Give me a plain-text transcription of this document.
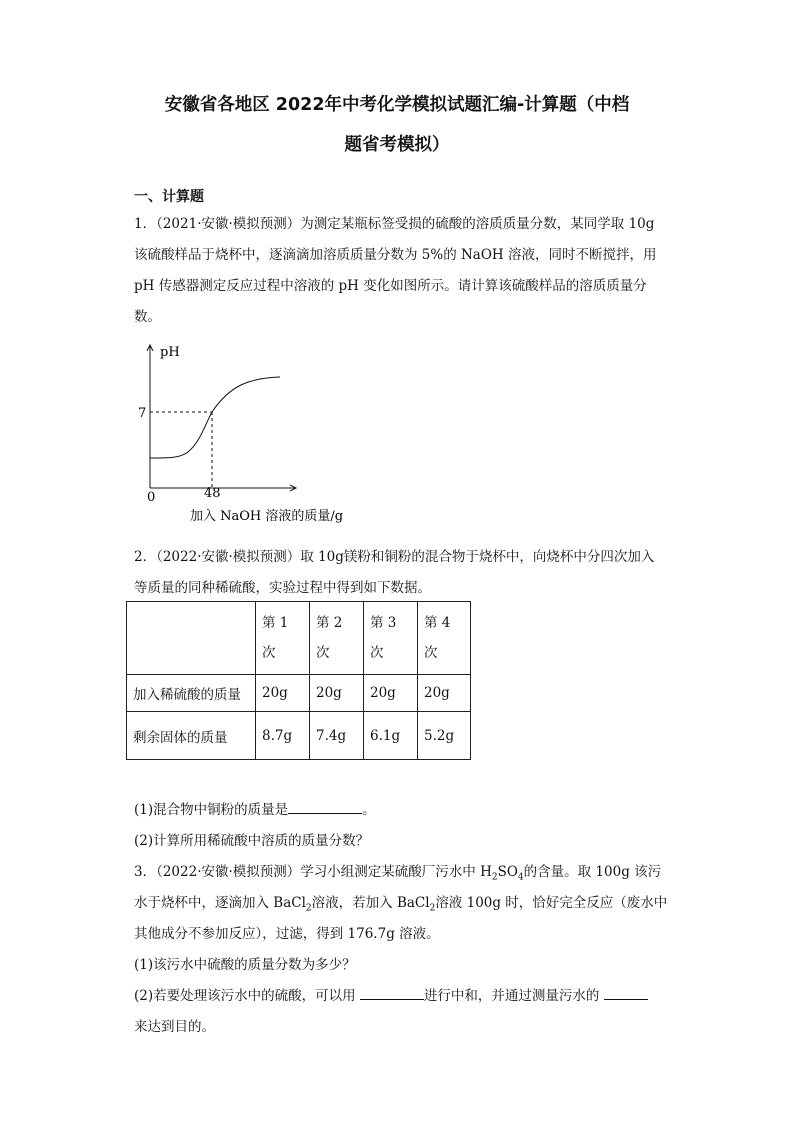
安徽省各地区 2022年中考化学模拟试题汇编-计算题（中档
题省考模拟）
一、计算题
1．（2021·安徽·模拟预测）为测定某瓶标签受损的硫酸的溶质质量分数，某同学取 10g
该硫酸样品于烧杯中，逐滴滴加溶质质量分数为 5%的 NaOH 溶液，同时不断搅拌，用
pH 传感器测定反应过程中溶液的 pH 变化如图所示。请计算该硫酸样品的溶质质量分
数。
pH
7
48
0
加入 NaOH 溶液的质量/g
2．（2022·安徽·模拟预测）取 10g镁粉和铜粉的混合物于烧杯中，向烧杯中分四次加入
等质量的同种稀硫酸，实验过程中得到如下数据。
	第 1 次	第 2 次	第 3 次	第 4 次
加入稀硫酸的质量	20g	20g	20g	20g
剩余固体的质量	8.7g	7.4g	6.1g	5.2g
(1)混合物中铜粉的质量是	。
(2)计算所用稀硫酸中溶质的质量分数？
3．（2022·安徽·模拟预测）学习小组测定某硫酸厂污水中 $H_2SO_4$的含量。取 100g 该污
水于烧杯中，逐滴加入 BaCl$_2$溶液，若加入 BaCl$_2$溶液 100g 时，恰好完全反应（废水中
其他成分不参加反应），过滤，得到 176.7g 溶液。
(1)该污水中硫酸的质量分数为多少？
(2)若要处理该污水中的硫酸，可以用	进行中和，并通过测量污水的
来达到目的。
